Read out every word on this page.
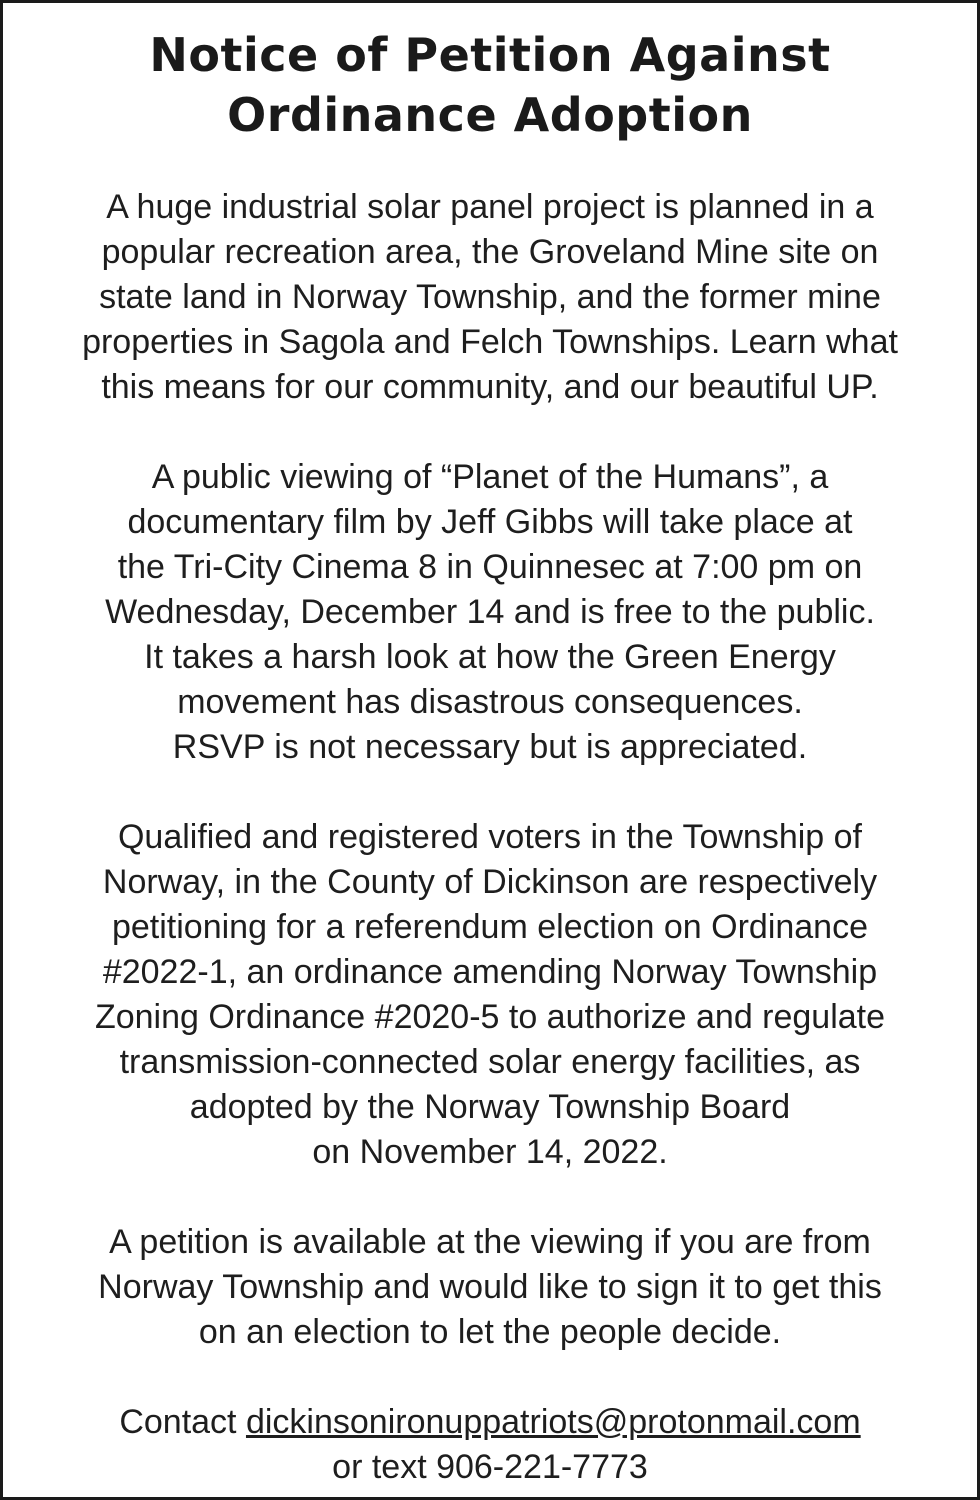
Notice of Petition Against
Ordinance Adoption

A huge industrial solar panel project is planned in a
popular recreation area, the Groveland Mine site on
state land in Norway Township, and the former mine
properties in Sagola and Felch Townships. Learn what
this means for our community, and our beautiful UP.

A public viewing of “Planet of the Humans”, a
documentary film by Jeff Gibbs will take place at
the Tri-City Cinema 8 in Quinnesec at 7:00 pm on
Wednesday, December 14 and is free to the public.
It takes a harsh look at how the Green Energy
movement has disastrous consequences.
RSVP is not necessary but is appreciated.

Qualified and registered voters in the Township of
Norway, in the County of Dickinson are respectively
petitioning for a referendum election on Ordinance
#2022-1, an ordinance amending Norway Township
Zoning Ordinance #2020-5 to authorize and regulate
transmission-connected solar energy facilities, as
adopted by the Norway Township Board
on November 14, 2022.

A petition is available at the viewing if you are from
Norway Township and would like to sign it to get this
on an election to let the people decide.

Contact dickinsonironuppatriots@protonmail.com
or text 906-221-7773
